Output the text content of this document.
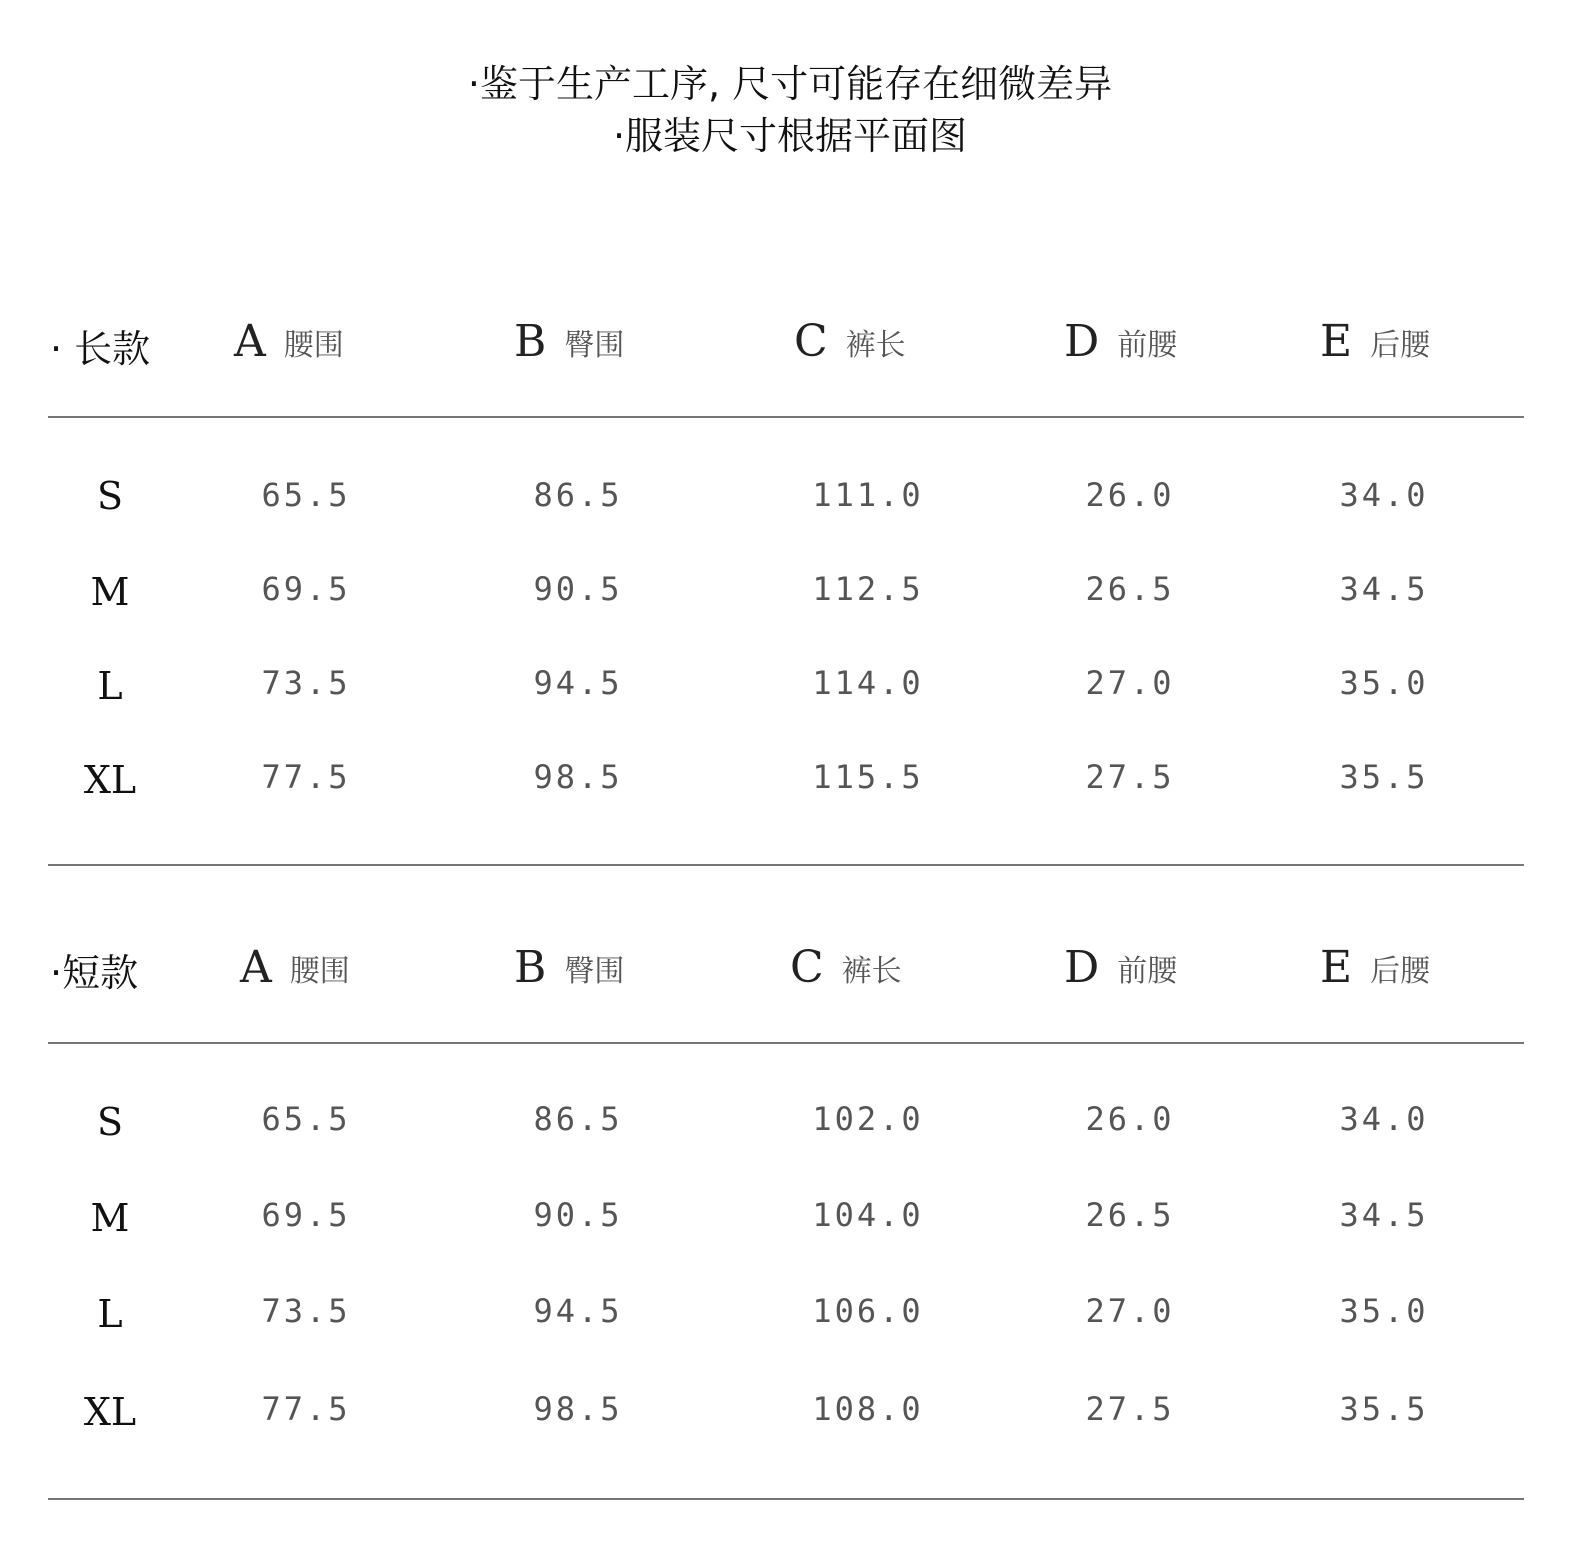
·鉴于生产工序, 尺寸可能存在细微差异
·服装尺寸根据平面图
· 长款 A 腰围	B 臀围	C 裤长	D 前腰	E 后腰
S	65.5	86.5	111.0	26.0	34.0
M	69.5	90.5	112.5	26.5	34.5
L	73.5	94.5	114.0	27.0	35.0
XL	77.5	98.5	115.5	27.5	35.5
·短款 A 腰围	B 臀围	C 裤长	D 前腰	E 后腰
S	65.5	86.5	102.0	26.0	34.0
M	69.5	90.5	104.0	26.5	34.5
L	73.5	94.5	106.0	27.0	35.0
XL	77.5	98.5	108.0	27.5	35.5
